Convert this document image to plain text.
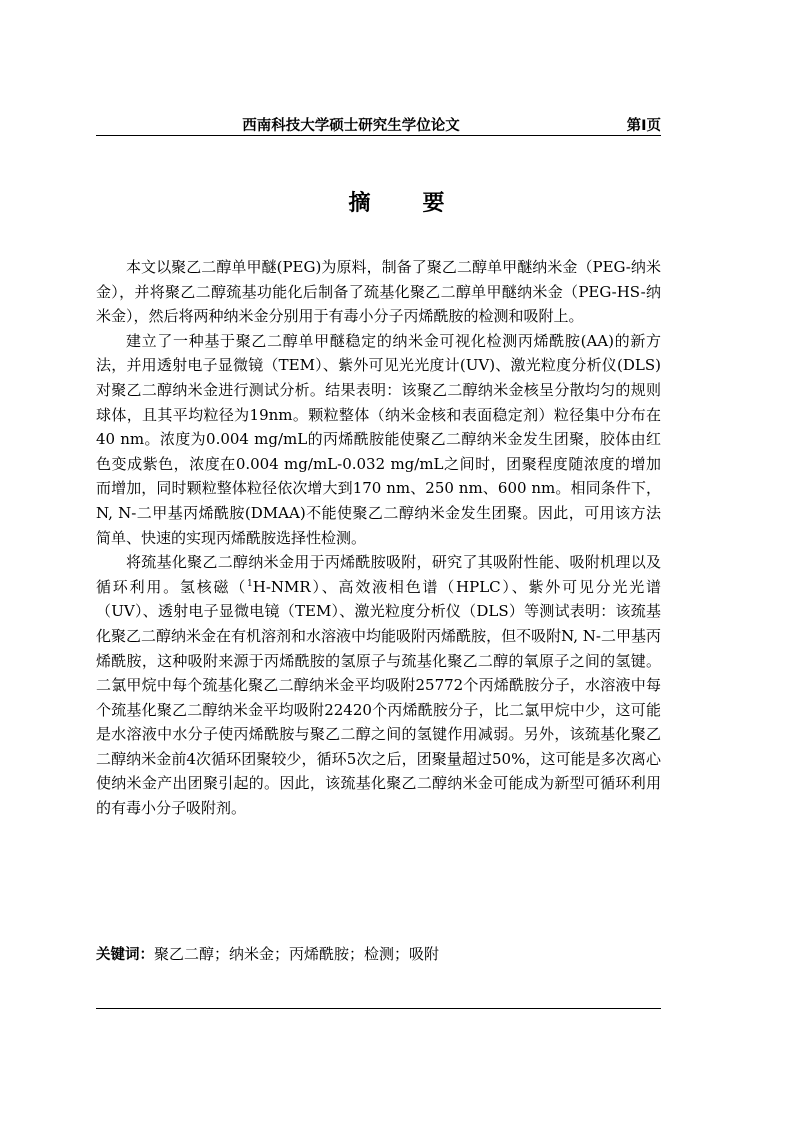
西南科技大学硕士研究生学位论文	第I页
摘要

本文以聚乙二醇单甲醚(PEG)为原料，制备了聚乙二醇单甲醚纳米金（PEG-纳米金），并将聚乙二醇巯基功能化后制备了巯基化聚乙二醇单甲醚纳米金（PEG-HS-纳米金），然后将两种纳米金分别用于有毒小分子丙烯酰胺的检测和吸附上。

建立了一种基于聚乙二醇单甲醚稳定的纳米金可视化检测丙烯酰胺(AA)的新方法，并用透射电子显微镜（TEM）、紫外可见光光度计(UV)、激光粒度分析仪(DLS)对聚乙二醇纳米金进行测试分析。结果表明：该聚乙二醇纳米金核呈分散均匀的规则球体，且其平均粒径为19nm。颗粒整体（纳米金核和表面稳定剂）粒径集中分布在40 nm。浓度为0.004 mg/mL的丙烯酰胺能使聚乙二醇纳米金发生团聚，胶体由红色变成紫色，浓度在0.004 mg/mL-0.032 mg/mL之间时，团聚程度随浓度的增加而增加，同时颗粒整体粒径依次增大到170 nm、250 nm、600 nm。相同条件下，N, N-二甲基丙烯酰胺(DMAA)不能使聚乙二醇纳米金发生团聚。因此，可用该方法简单、快速的实现丙烯酰胺选择性检测。

将巯基化聚乙二醇纳米金用于丙烯酰胺吸附，研究了其吸附性能、吸附机理以及循环利用。氢核磁（$^1$H-NMR）、高效液相色谱（HPLC）、紫外可见分光光谱（UV）、透射电子显微电镜（TEM）、激光粒度分析仪（DLS）等测试表明：该巯基化聚乙二醇纳米金在有机溶剂和水溶液中均能吸附丙烯酰胺，但不吸附N, N-二甲基丙烯酰胺，这种吸附来源于丙烯酰胺的氢原子与巯基化聚乙二醇的氧原子之间的氢键。二氯甲烷中每个巯基化聚乙二醇纳米金平均吸附25772个丙烯酰胺分子，水溶液中每个巯基化聚乙二醇纳米金平均吸附22420个丙烯酰胺分子，比二氯甲烷中少，这可能是水溶液中水分子使丙烯酰胺与聚乙二醇之间的氢键作用减弱。另外，该巯基化聚乙二醇纳米金前4次循环团聚较少，循环5次之后，团聚量超过50%，这可能是多次离心使纳米金产出团聚引起的。因此，该巯基化聚乙二醇纳米金可能成为新型可循环利用的有毒小分子吸附剂。

关键词：聚乙二醇；纳米金；丙烯酰胺；检测；吸附
